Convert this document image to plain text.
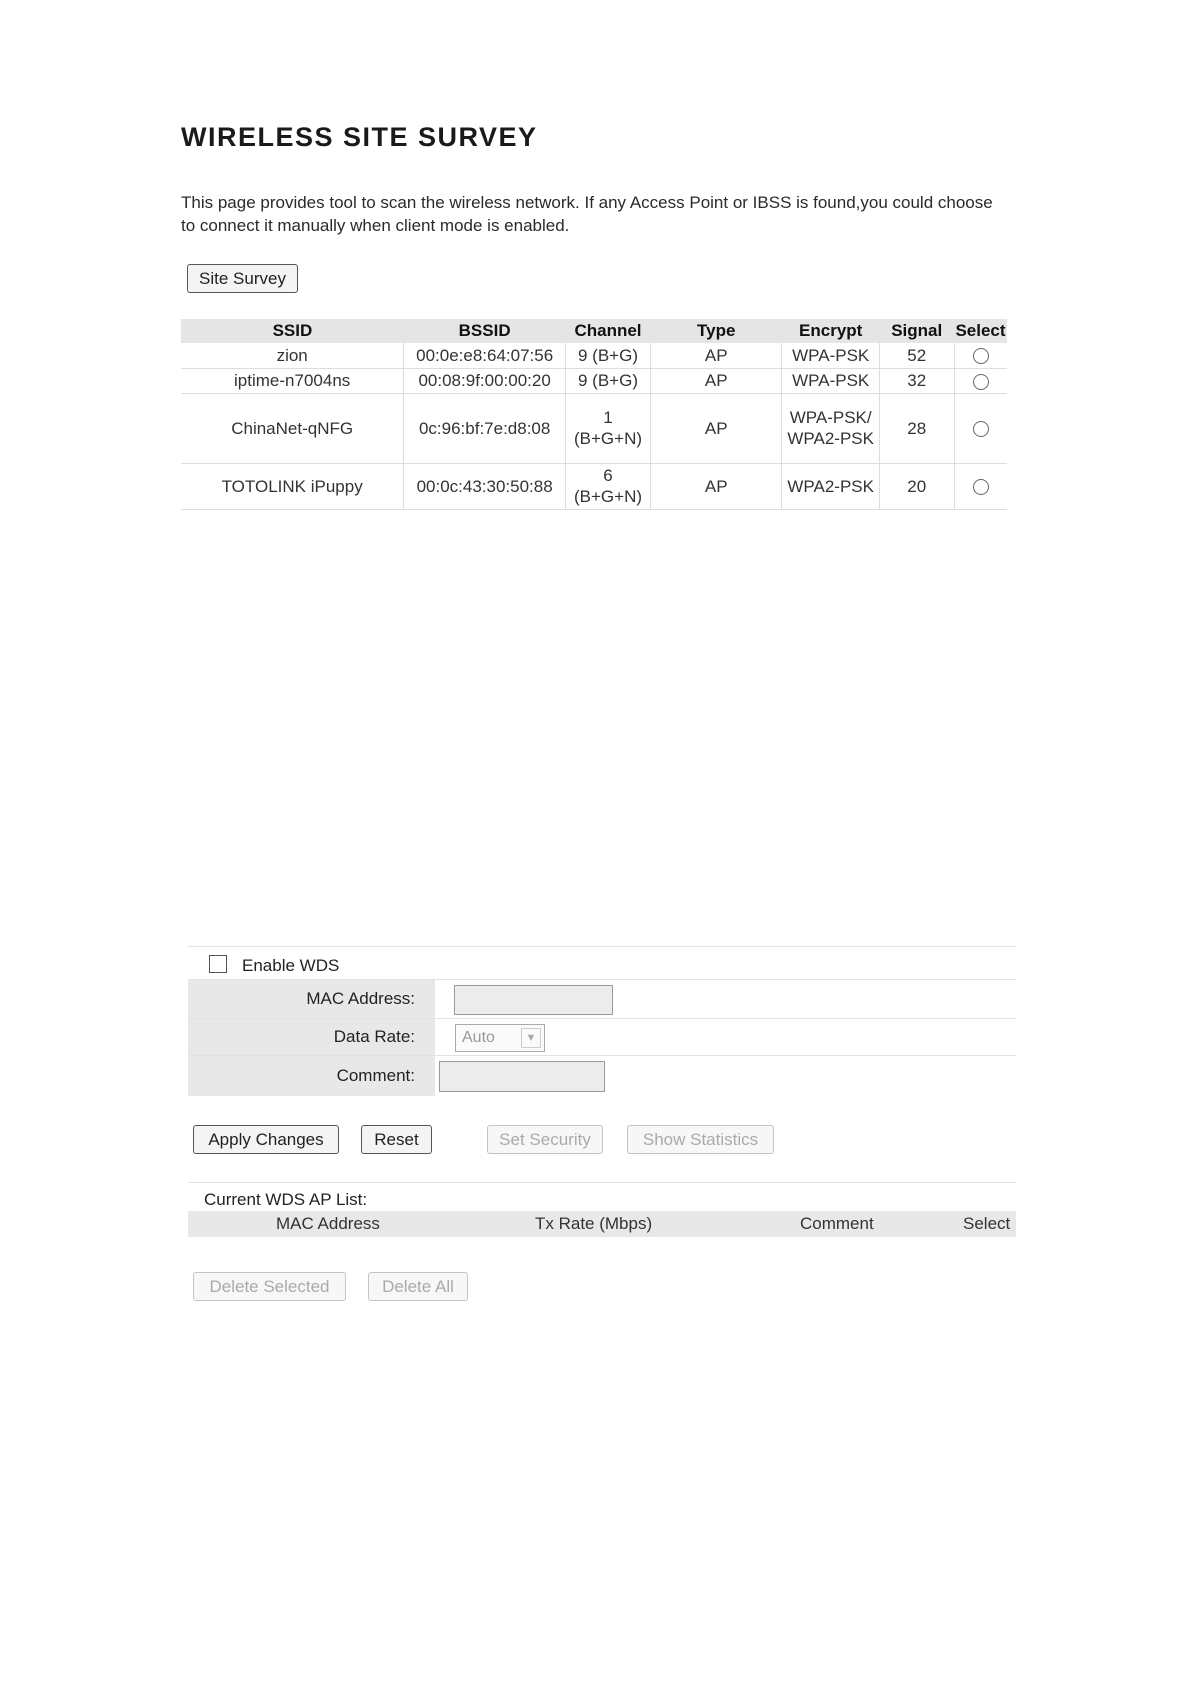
WIRELESS SITE SURVEY
This page provides tool to scan the wireless network. If any Access Point or IBSS is found,you could choose to connect it manually when client mode is enabled.
Site Survey
SSID	BSSID	Channel	Type	Encrypt	Signal	Select
zion	00:0e:e8:64:07:56	9 (B+G)	AP	WPA-PSK	52	
iptime-n7004ns	00:08:9f:00:00:20	9 (B+G)	AP	WPA-PSK	32	
ChinaNet-qNFG	0c:96:bf:7e:d8:08	1 (B+G+N)	AP	WPA-PSK/WPA2-PSK	28	
TOTOLINK iPuppy	00:0c:43:30:50:88	6 (B+G+N)	AP	WPA2-PSK	20	
Enable WDS
MAC Address:
Data Rate:	Auto	▼
Comment:
Apply Changes	Reset	Set Security	Show Statistics
Current WDS AP List:
MAC Address	Tx Rate (Mbps)	Comment	Select
Delete Selected	Delete All
